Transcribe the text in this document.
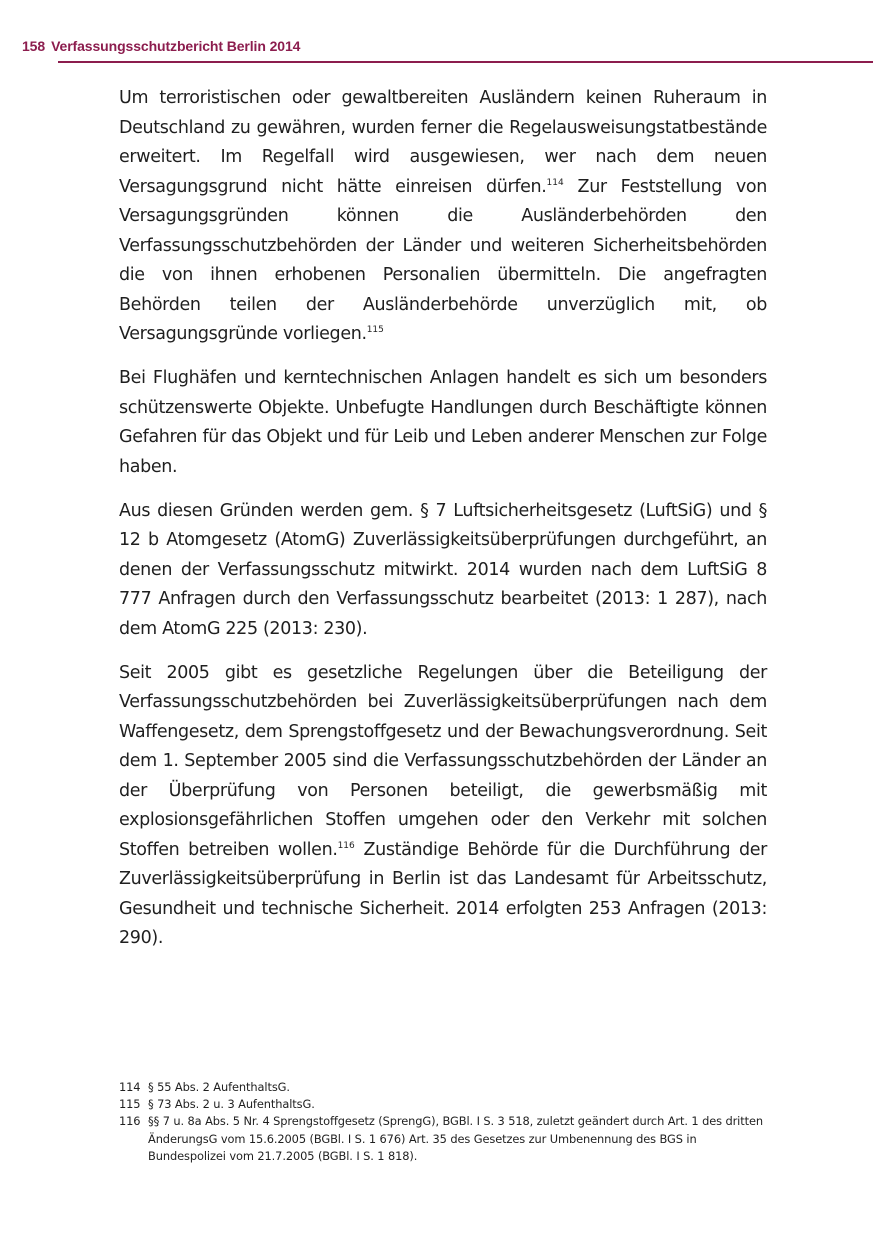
158 Verfassungsschutzbericht Berlin 2014

Um terroristischen oder gewaltbereiten Ausländern keinen Ruheraum in Deutschland zu gewähren, wurden ferner die Regelausweisungstatbestände erweitert. Im Regelfall wird ausgewiesen, wer nach dem neuen Versagungsgrund nicht hätte einreisen dürfen.$^{114}$ Zur Feststellung von Versagungsgründen können die Ausländerbehörden den Verfassungsschutzbehörden der Länder und weiteren Sicherheitsbehörden die von ihnen erhobenen Personalien übermitteln. Die angefragten Behörden teilen der Ausländerbehörde unverzüglich mit, ob Versagungsgründe vorliegen.$^{115}$

Bei Flughäfen und kerntechnischen Anlagen handelt es sich um besonders schützenswerte Objekte. Unbefugte Handlungen durch Beschäftigte können Gefahren für das Objekt und für Leib und Leben anderer Menschen zur Folge haben.

Aus diesen Gründen werden gem. § 7 Luftsicherheitsgesetz (LuftSiG) und § 12 b Atomgesetz (AtomG) Zuverlässigkeitsüberprüfungen durchgeführt, an denen der Verfassungsschutz mitwirkt. 2014 wurden nach dem LuftSiG 8 777 Anfragen durch den Verfassungsschutz bearbeitet (2013: 1 287), nach dem AtomG 225 (2013: 230).

Seit 2005 gibt es gesetzliche Regelungen über die Beteiligung der Verfassungsschutzbehörden bei Zuverlässigkeitsüberprüfungen nach dem Waffengesetz, dem Sprengstoffgesetz und der Bewachungsverordnung. Seit dem 1. September 2005 sind die Verfassungsschutzbehörden der Länder an der Überprüfung von Personen beteiligt, die gewerbsmäßig mit explosionsgefährlichen Stoffen umgehen oder den Verkehr mit solchen Stoffen betreiben wollen.$^{116}$ Zuständige Behörde für die Durchführung der Zuverlässigkeitsüberprüfung in Berlin ist das Landesamt für Arbeitsschutz, Gesundheit und technische Sicherheit. 2014 erfolgten 253 Anfragen (2013: 290).

114 § 55 Abs. 2 AufenthaltsG.
115 § 73 Abs. 2 u. 3 AufenthaltsG.
116 §§ 7 u. 8a Abs. 5 Nr. 4 Sprengstoffgesetz (SprengG), BGBl. I S. 3 518, zuletzt geändert durch Art. 1 des dritten ÄnderungsG vom 15.6.2005 (BGBl. I S. 1 676) Art. 35 des Gesetzes zur Umbenennung des BGS in Bundespolizei vom 21.7.2005 (BGBl. I S. 1 818).
